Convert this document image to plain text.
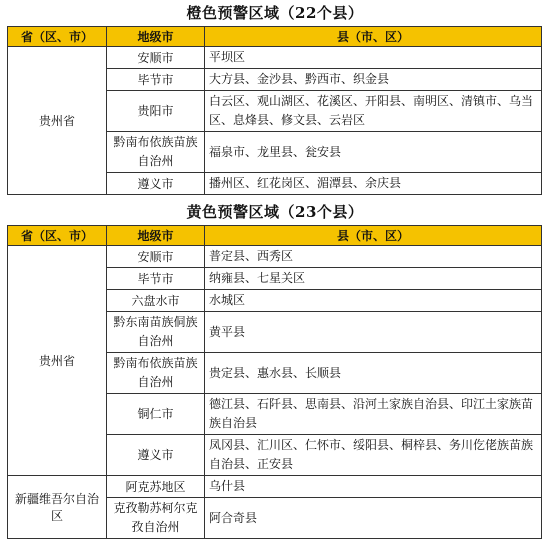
橙色预警区域（22个县）
省（区、市）	地级市	县（市、区）
贵州省	安顺市	平坝区
	毕节市	大方县、金沙县、黔西市、织金县
	贵阳市	白云区、观山湖区、花溪区、开阳县、南明区、清镇市、乌当区、息烽县、修文县、云岩区
	黔南布依族苗族自治州	福泉市、龙里县、瓮安县
	遵义市	播州区、红花岗区、湄潭县、余庆县
黄色预警区域（23个县）
省（区、市）	地级市	县（市、区）
贵州省	安顺市	普定县、西秀区
	毕节市	纳雍县、七星关区
	六盘水市	水城区
	黔东南苗族侗族自治州	黄平县
	黔南布依族苗族自治州	贵定县、惠水县、长顺县
	铜仁市	德江县、石阡县、思南县、沿河土家族自治县、印江土家族苗族自治县
	遵义市	凤冈县、汇川区、仁怀市、绥阳县、桐梓县、务川仡佬族苗族自治县、正安县
新疆维吾尔自治区	阿克苏地区	乌什县
	克孜勒苏柯尔克孜自治州	阿合奇县
